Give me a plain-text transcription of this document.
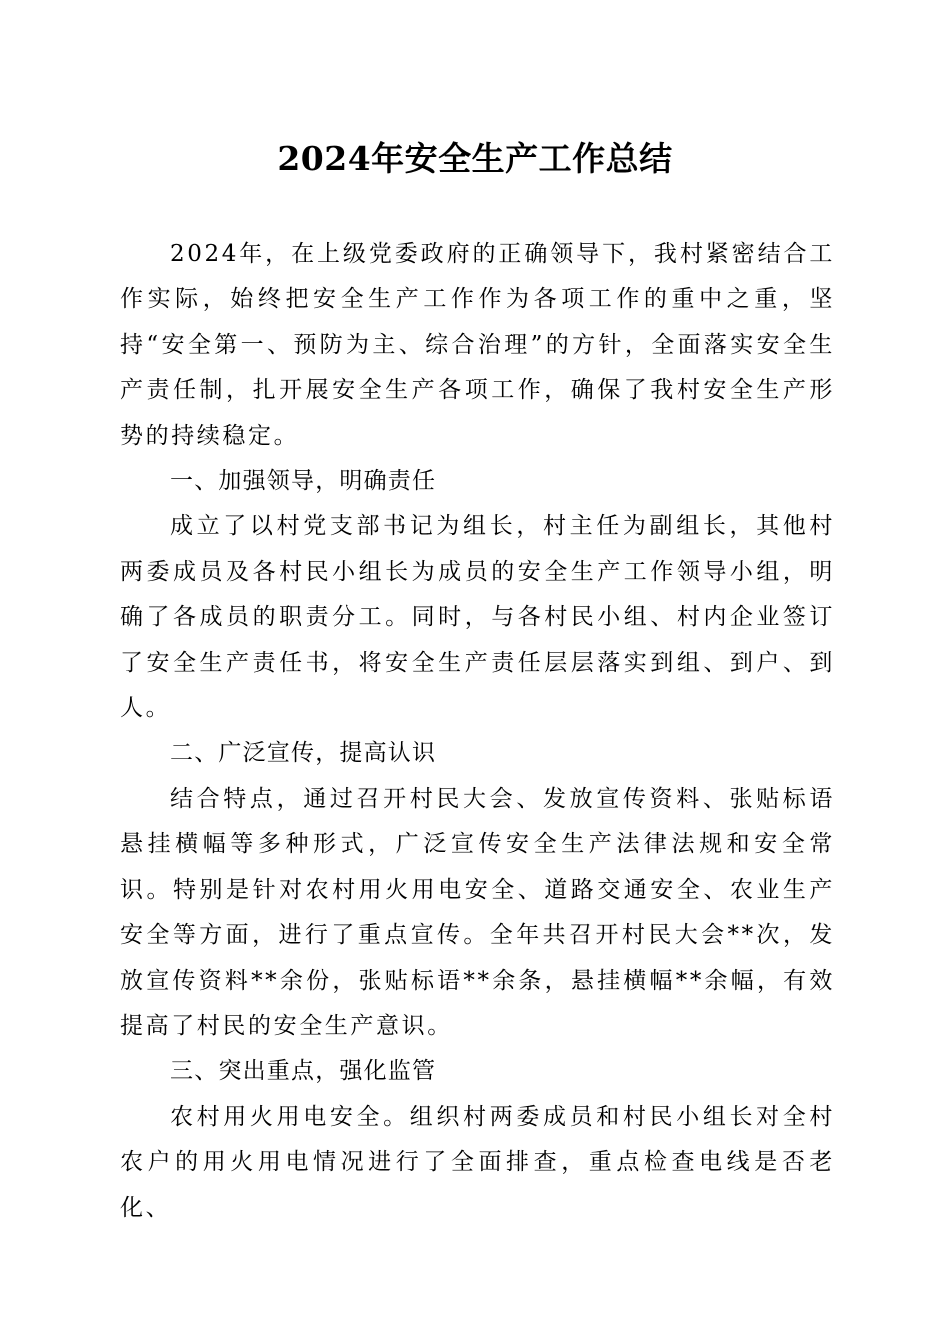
2024年安全生产工作总结

2024年，在上级党委政府的正确领导下，我村紧密结合工作实际，始终把安全生产工作作为各项工作的重中之重，坚持“安全第一、预防为主、综合治理”的方针，全面落实安全生产责任制，扎开展安全生产各项工作，确保了我村安全生产形势的持续稳定。

一、加强领导，明确责任

成立了以村党支部书记为组长，村主任为副组长，其他村两委成员及各村民小组长为成员的安全生产工作领导小组，明确了各成员的职责分工。同时，与各村民小组、村内企业签订了安全生产责任书，将安全生产责任层层落实到组、到户、到人。

二、广泛宣传，提高认识

结合特点，通过召开村民大会、发放宣传资料、张贴标语悬挂横幅等多种形式，广泛宣传安全生产法律法规和安全常识。特别是针对农村用火用电安全、道路交通安全、农业生产安全等方面，进行了重点宣传。全年共召开村民大会**次，发放宣传资料**余份，张贴标语**余条，悬挂横幅**余幅，有效提高了村民的安全生产意识。

三、突出重点，强化监管

农村用火用电安全。组织村两委成员和村民小组长对全村农户的用火用电情况进行了全面排查，重点检查电线是否老化、
